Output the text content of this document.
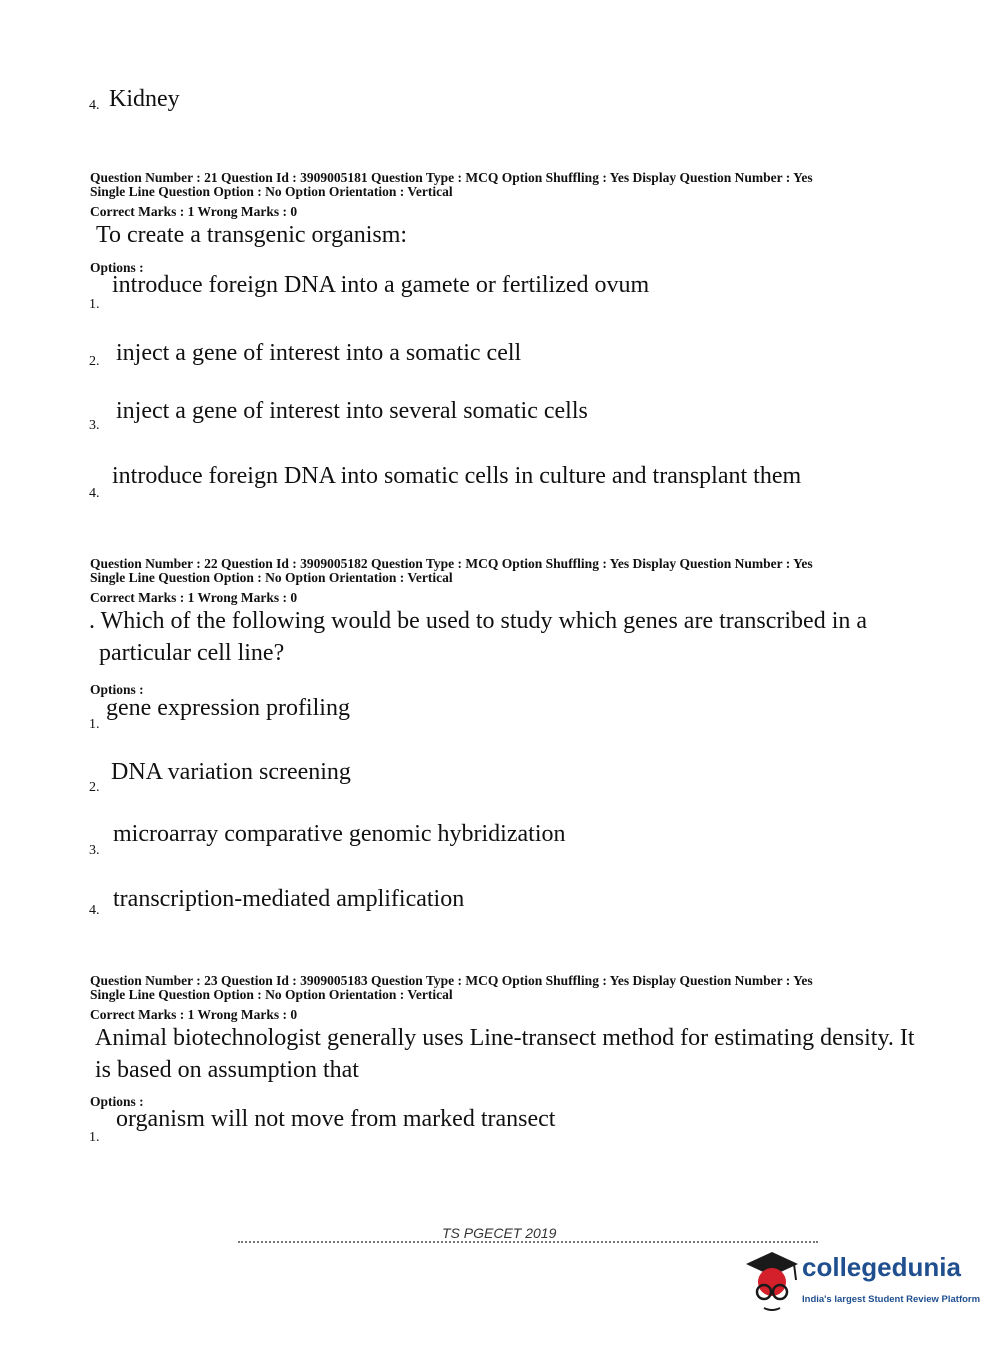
4. Kidney
Question Number : 21 Question Id : 3909005181 Question Type : MCQ Option Shuffling : Yes Display Question Number : Yes
Single Line Question Option : No Option Orientation : Vertical
Correct Marks : 1 Wrong Marks : 0
To create a transgenic organism:
Options :
1.
introduce foreign DNA into a gamete or fertilized ovum
2. inject a gene of interest into a somatic cell
3.
inject a gene of interest into several somatic cells
4.
introduce foreign DNA into somatic cells in culture and transplant them
Question Number : 22 Question Id : 3909005182 Question Type : MCQ Option Shuffling : Yes Display Question Number : Yes
Single Line Question Option : No Option Orientation : Vertical
Correct Marks : 1 Wrong Marks : 0
. Which of the following would be used to study which genes are transcribed in a
particular cell line?
Options :
1.
gene expression profiling
2.
DNA variation screening
3.
microarray comparative genomic hybridization
4. transcription-mediated amplification
Question Number : 23 Question Id : 3909005183 Question Type : MCQ Option Shuffling : Yes Display Question Number : Yes
Single Line Question Option : No Option Orientation : Vertical
Correct Marks : 1 Wrong Marks : 0
Animal biotechnologist generally uses Line-transect method for estimating density. It
is based on assumption that
Options :
1.
organism will not move from marked transect
TS PGECET 2019
collegedunia
India's largest Student Review Platform
